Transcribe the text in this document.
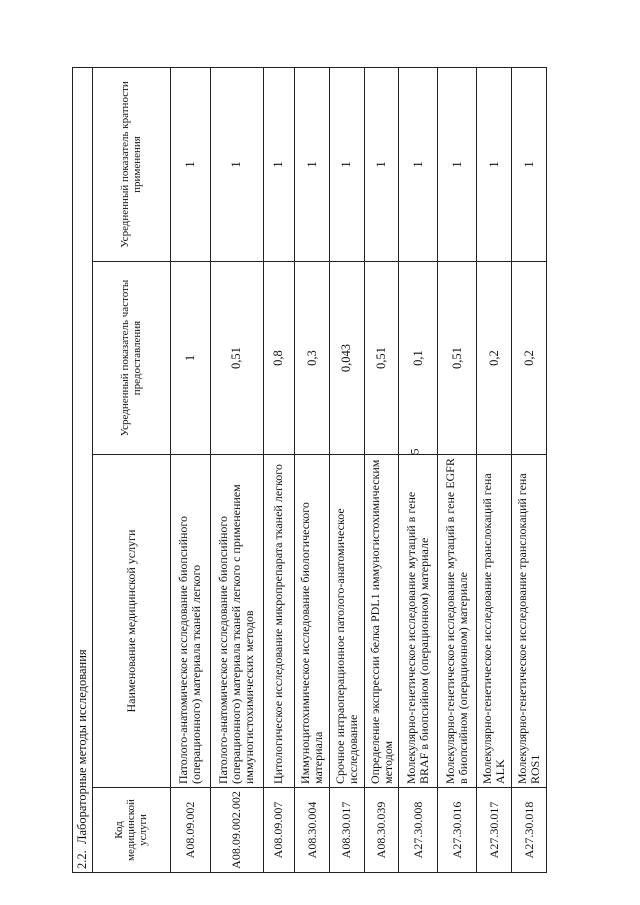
5
2.2.  Лабораторные методы исследования			
Код медицинской услуги	Наименование медицинской услуги	Усредненный показатель частоты предоставления	Усредненный показатель кратности применения
A08.09.002	Патолого-анатомическое исследование биопсийного (операционного) материала тканей легкого	1	1
A08.09.002.002	Патолого-анатомическое исследование биопсийного (операционного) материала тканей легкого с применением иммуногистохимических методов	0,51	1
A08.09.007	Цитологическое исследование микропрепарата тканей легкого	0,8	1
A08.30.004	Иммуноцитохимическое исследование биологического материала	0,3	1
A08.30.017	Срочное интраоперационное патолого-анатомическое исследование	0,043	1
A08.30.039	Определение экспрессии белка PDL1 иммуногистохимическим методом	0,51	1
A27.30.008	Молекулярно-генетическое исследование мутаций в гене BRAF в биопсийном (операционном) материале	0,1	1
A27.30.016	Молекулярно-генетическое исследование мутаций в гене EGFR в биопсийном (операционном) материале	0,51	1
A27.30.017	Молекулярно-генетическое исследование транслокаций гена ALK	0,2	1
A27.30.018	Молекулярно-генетическое исследование транслокаций гена ROS1	0,2	1
